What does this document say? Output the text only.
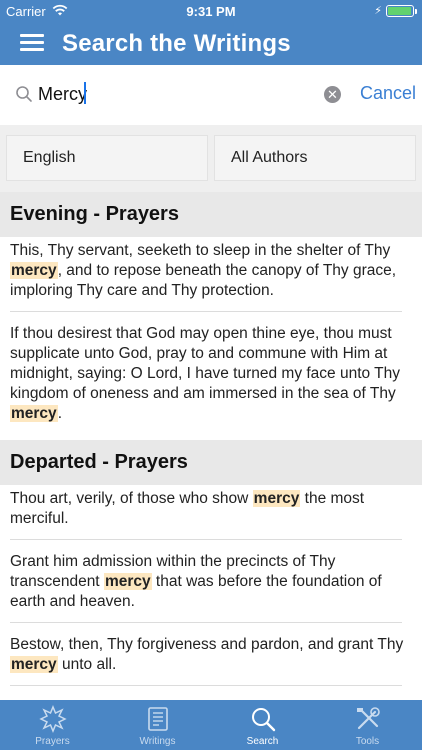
Carrier	9:31 PM	⚡
Search the Writings
Mercy
✕ Cancel
English	All Authors
Evening - Prayers
This, Thy servant, seeketh to sleep in the shelter of Thy mercy, and to repose beneath the canopy of Thy grace, imploring Thy care and Thy protection.
If thou desirest that God may open thine eye, thou must supplicate unto God, pray to and commune with Him at midnight, saying: O Lord, I have turned my face unto Thy kingdom of oneness and am immersed in the sea of Thy mercy.
Departed - Prayers
Thou art, verily, of those who show mercy the most merciful.
Grant him admission within the precincts of Thy transcendent mercy that was before the foundation of earth and heaven.
Bestow, then, Thy forgiveness and pardon, and grant Thy mercy unto all.
Prayers	Writings	Search	Tools
